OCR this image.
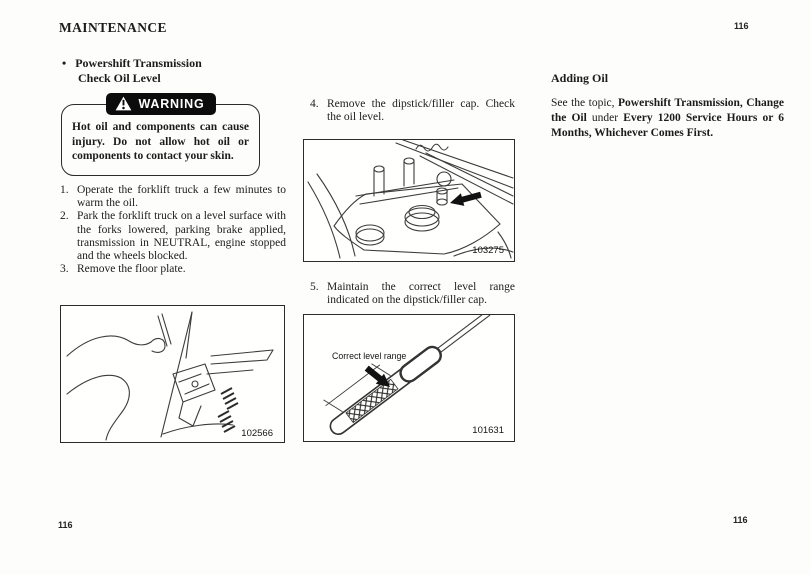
MAINTENANCE	116
• Powershift Transmission
Check Oil Level
WARNING
Hot oil and components can cause injury. Do not allow hot oil or components to contact your skin.
1. Operate the forklift truck a few minutes to warm the oil.
2. Park the forklift truck on a level surface with the forks lowered, parking brake applied, transmission in NEUTRAL, engine stopped and the wheels blocked.
3. Remove the floor plate.
102566
4. Remove the dipstick/filler cap. Check the oil level.
103275
5. Maintain the correct level range indicated on the dipstick/filler cap.
Correct level range
101631
Adding Oil
See the topic, Powershift Transmission, Change the Oil under Every 1200 Service Hours or 6 Months, Whichever Comes First.
116	116
